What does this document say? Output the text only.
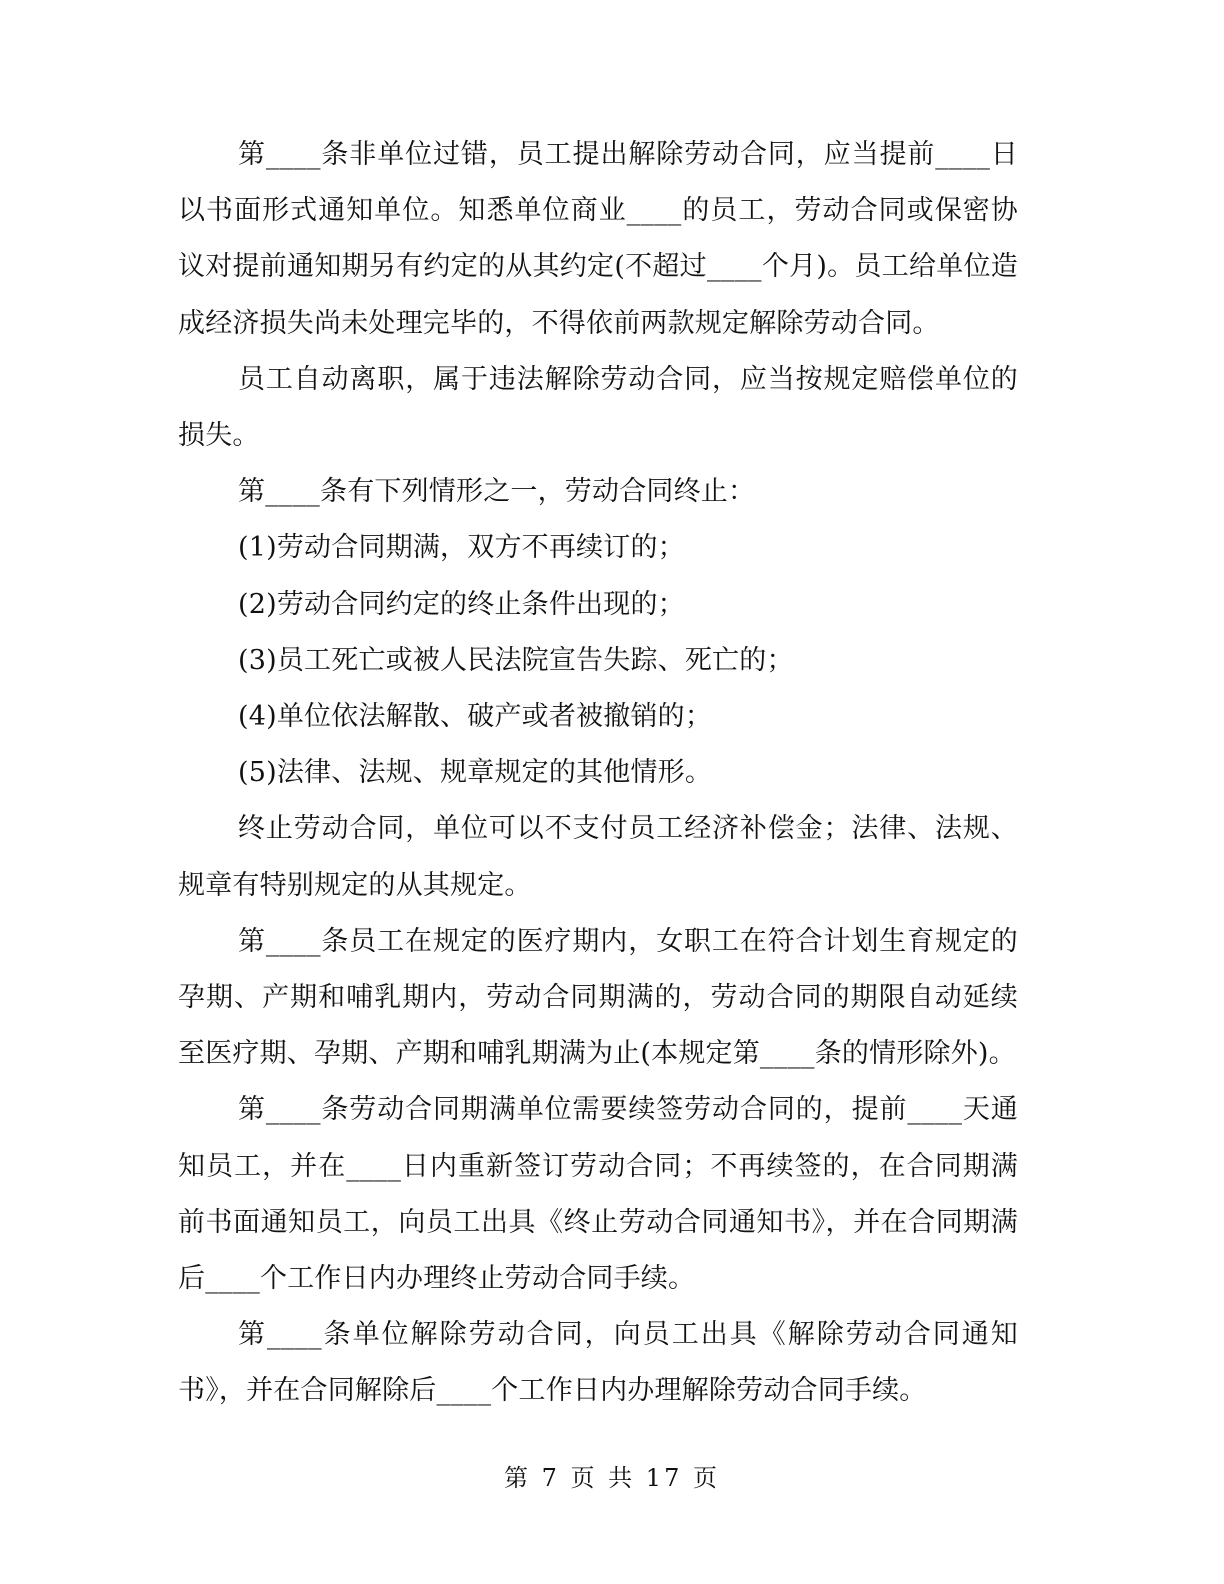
第____条非单位过错，员工提出解除劳动合同，应当提前____日以书面形式通知单位。知悉单位商业____的员工，劳动合同或保密协议对提前通知期另有约定的从其约定(不超过____个月)。员工给单位造成经济损失尚未处理完毕的，不得依前两款规定解除劳动合同。

员工自动离职，属于违法解除劳动合同，应当按规定赔偿单位的损失。

第____条有下列情形之一，劳动合同终止：

(1)劳动合同期满，双方不再续订的；

(2)劳动合同约定的终止条件出现的；

(3)员工死亡或被人民法院宣告失踪、死亡的；

(4)单位依法解散、破产或者被撤销的；

(5)法律、法规、规章规定的其他情形。

终止劳动合同，单位可以不支付员工经济补偿金；法律、法规、规章有特别规定的从其规定。

第____条员工在规定的医疗期内，女职工在符合计划生育规定的孕期、产期和哺乳期内，劳动合同期满的，劳动合同的期限自动延续至医疗期、孕期、产期和哺乳期满为止(本规定第____条的情形除外)。

第____条劳动合同期满单位需要续签劳动合同的，提前____天通知员工，并在____日内重新签订劳动合同；不再续签的，在合同期满前书面通知员工，向员工出具《终止劳动合同通知书》，并在合同期满后____个工作日内办理终止劳动合同手续。

第____条单位解除劳动合同，向员工出具《解除劳动合同通知书》，并在合同解除后____个工作日内办理解除劳动合同手续。

第 7 页 共 17 页
